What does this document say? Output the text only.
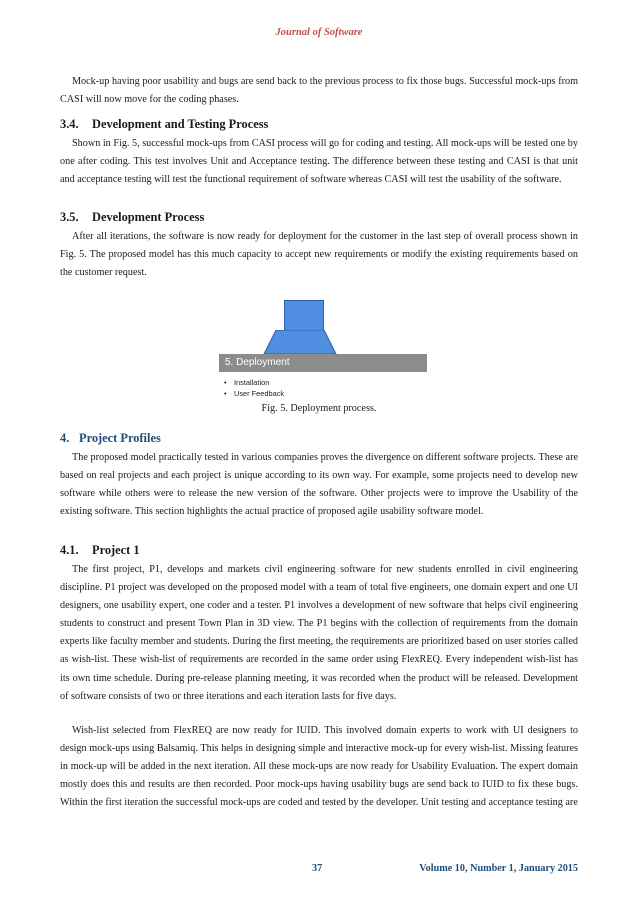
Journal of Software

Mock-up having poor usability and bugs are send back to the previous process to fix those bugs. Successful mock-ups from CASI will now move for the coding phases.

3.4. Development and Testing Process

Shown in Fig. 5, successful mock-ups from CASI process will go for coding and testing. All mock-ups will be tested one by one after coding. This test involves Unit and Acceptance testing. The difference between these testing and CASI is that unit and acceptance testing will test the functional requirement of software whereas CASI will test the usability of the software.

3.5. Development Process

After all iterations, the software is now ready for deployment for the customer in the last step of overall process shown in Fig. 5. The proposed model has this much capacity to accept new requirements or modify the existing requirements based on the customer request.

5. Deployment
• Installation
• User Feedback
Fig. 5. Deployment process.
4. Project Profiles

The proposed model practically tested in various companies proves the divergence on different software projects. These are based on real projects and each project is unique according to its own way. For example, some projects need to develop new software while others were to release the new version of the software. Other projects were to improve the Usability of the existing software. This section highlights the actual practice of proposed agile usability software model.

4.1. Project 1

The first project, P1, develops and markets civil engineering software for new students enrolled in civil engineering discipline. P1 project was developed on the proposed model with a team of total five engineers, one domain expert and one UI designers, one usability expert, one coder and a tester. P1 involves a development of new software that helps civil engineering students to construct and present Town Plan in 3D view. The P1 begins with the collection of requirements from the domain experts like faculty member and students. During the first meeting, the requirements are prioritized based on user stories called as wish-list. These wish-list of requirements are recorded in the same order using FlexREQ. Every independent wish-list has its own time schedule. During pre-release planning meeting, it was recorded when the product will be released. Development of software consists of two or three iterations and each iteration lasts for five days.

Wish-list selected from FlexREQ are now ready for IUID. This involved domain experts to work with UI designers to design mock-ups using Balsamiq. This helps in designing simple and interactive mock-up for every wish-list. Missing features in mock-up will be added in the next iteration. All these mock-ups are now ready for Usability Evaluation. The expert domain mostly does this and results are then recorded. Poor mock-ups having usability bugs are send back to IUID to fix these bugs. Within the first iteration the successful mock-ups are coded and tested by the developer. Unit testing and acceptance testing are

37	Volume 10, Number 1, January 2015
